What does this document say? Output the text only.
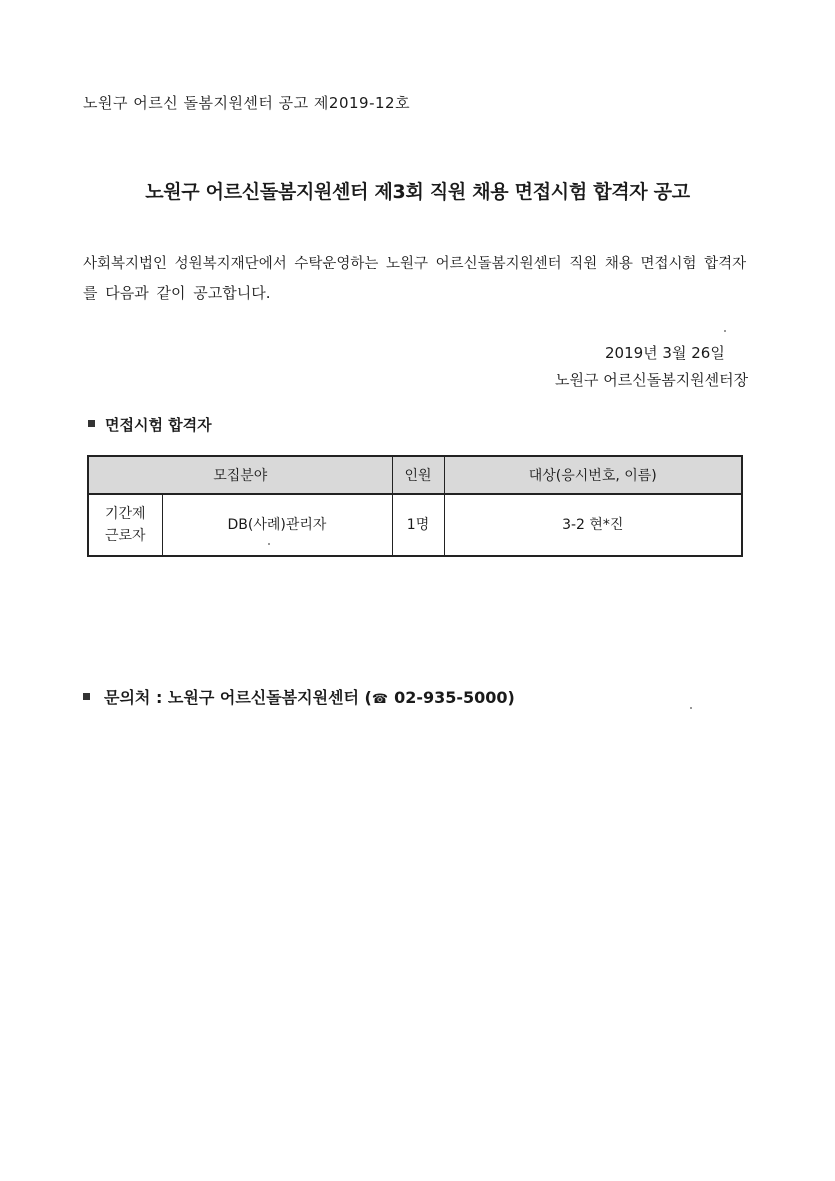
노원구 어르신 돌봄지원센터 공고 제2019-12호
노원구 어르신돌봄지원센터 제3회 직원 채용 면접시험 합격자 공고
사회복지법인 성원복지재단에서 수탁운영하는 노원구 어르신돌봄지원센터 직원 채용 면접시험 합격자
를 다음과 같이 공고합니다.
2019년 3월 26일
노원구 어르신돌봄지원센터장
면접시험 합격자
모집분야		인원	대상(응시번호, 이름)

기간제
근로자	DB(사례)관리자	1명	3-2 현*진
문의처 : 노원구 어르신돌봄지원센터 (☎ 02-935-5000)
